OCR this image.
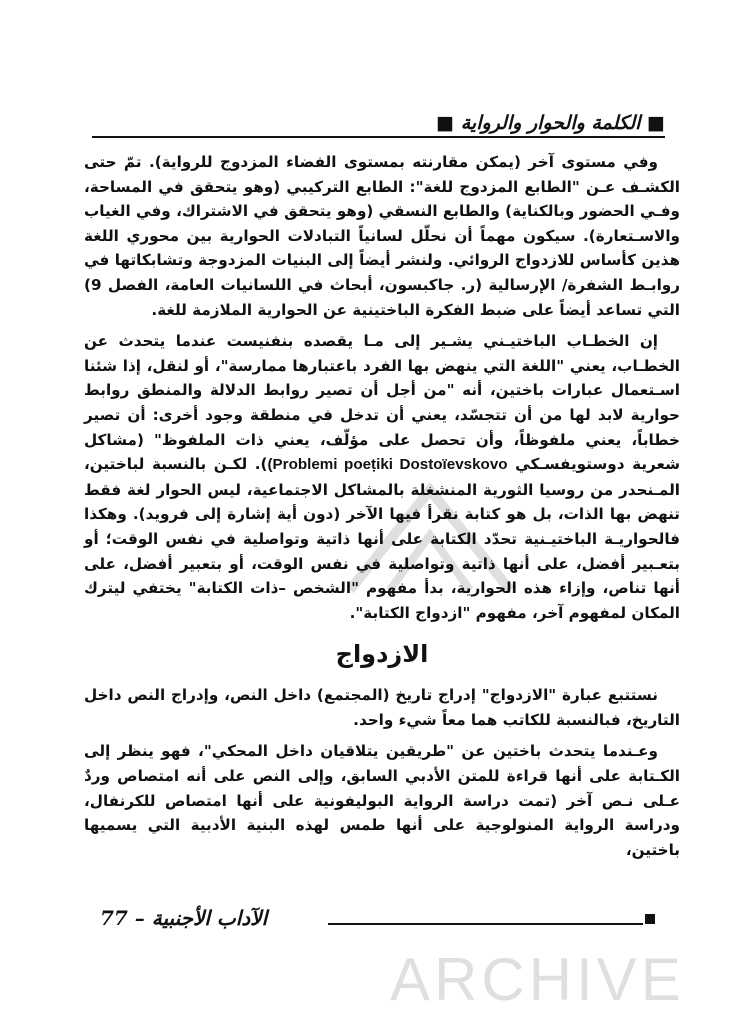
■ الكلمة والحوار والرواية ■

وفي مستوى آخر (يمكن مقارنته بمستوى الفضاء المزدوج للرواية). تمّ حتى الكشـف عـن "الطابع المزدوج للغة": الطابع التركيبي (وهو يتحقق في المساحة، وفـي الحضور وبالكناية) والطابع النسقي (وهو يتحقق في الاشتراك، وفي الغياب والاسـتعارة). سيكون مهماً أن نحلّل لسانياً التبادلات الحوارية بين محوري اللغة هذين كأساس للازدواج الروائي. ولنشر أيضاً إلى البنيات المزدوجة وتشابكاتها في روابـط الشفرة/ الإرسالية (ر. جاكبسون، أبحاث في اللسانيات العامة، الفصل 9) التي تساعد أيضاً على ضبط الفكرة الباختينية عن الحوارية الملازمة للغة.

إن الخطـاب الباختيـني يشـير إلى مـا يقصده بنفنيست عندما يتحدث عن الخطـاب، يعني "اللغة التي ينهض بها الفرد باعتبارها ممارسة"، أو لنقل، إذا شئنا اسـتعمال عبارات باختين، أنه "من أجل أن تصير روابط الدلالة والمنطق روابط حوارية لابد لها من أن تتجسّد، يعني أن تدخل في منطقة وجود أخرى: أن تصير خطاباً، يعني ملفوظاً، وأن تحصل على مؤلّف، يعني ذات الملفوظ" (مشاكل شعرية دوستويفسـكي (Problemi poeṭiki Dostoïevskovo). لكـن بالنسبة لباختين، المـنحدر من روسيا الثورية المنشغلة بالمشاكل الاجتماعية، ليس الحوار لغة فقط تنهض بها الذات، بل هو كتابة نقرأ فيها الآخر (دون أية إشارة إلى فرويد). وهكذا فالحواريـة الباختيـنية تحدّد الكتابة على أنها ذاتية وتواصلية في نفس الوقت؛ أو بتعـبير أفضل، على أنها ذاتية وتواصلية في نفس الوقت، أو بتعبير أفضل، على أنها تناص، وإزاء هذه الحوارية، بدأ مفهوم "الشخص –ذات الكتابة" يختفي ليترك المكان لمفهوم آخر، مفهوم "ازدواج الكتابة".

الازدواج

نستتبع عبارة "الازدواج" إدراج تاريخ (المجتمع) داخل النص، وإدراج النص داخل التاريخ، فبالنسبة للكاتب هما معاً شيء واحد.

وعـندما يتحدث باختين عن "طريقين يتلاقيان داخل المحكي"، فهو ينظر إلى الكـتابة على أنها قراءة للمتن الأدبي السابق، وإلى النص على أنه امتصاص وردٌ عـلى نـص آخر (تمت دراسة الرواية البوليفونية على أنها امتصاص للكرنفال، ودراسة الرواية المنولوجية على أنها طمس لهذه البنية الأدبية التي يسميها باختين،

ARCHIVE
الآداب الأجنبية – 77
